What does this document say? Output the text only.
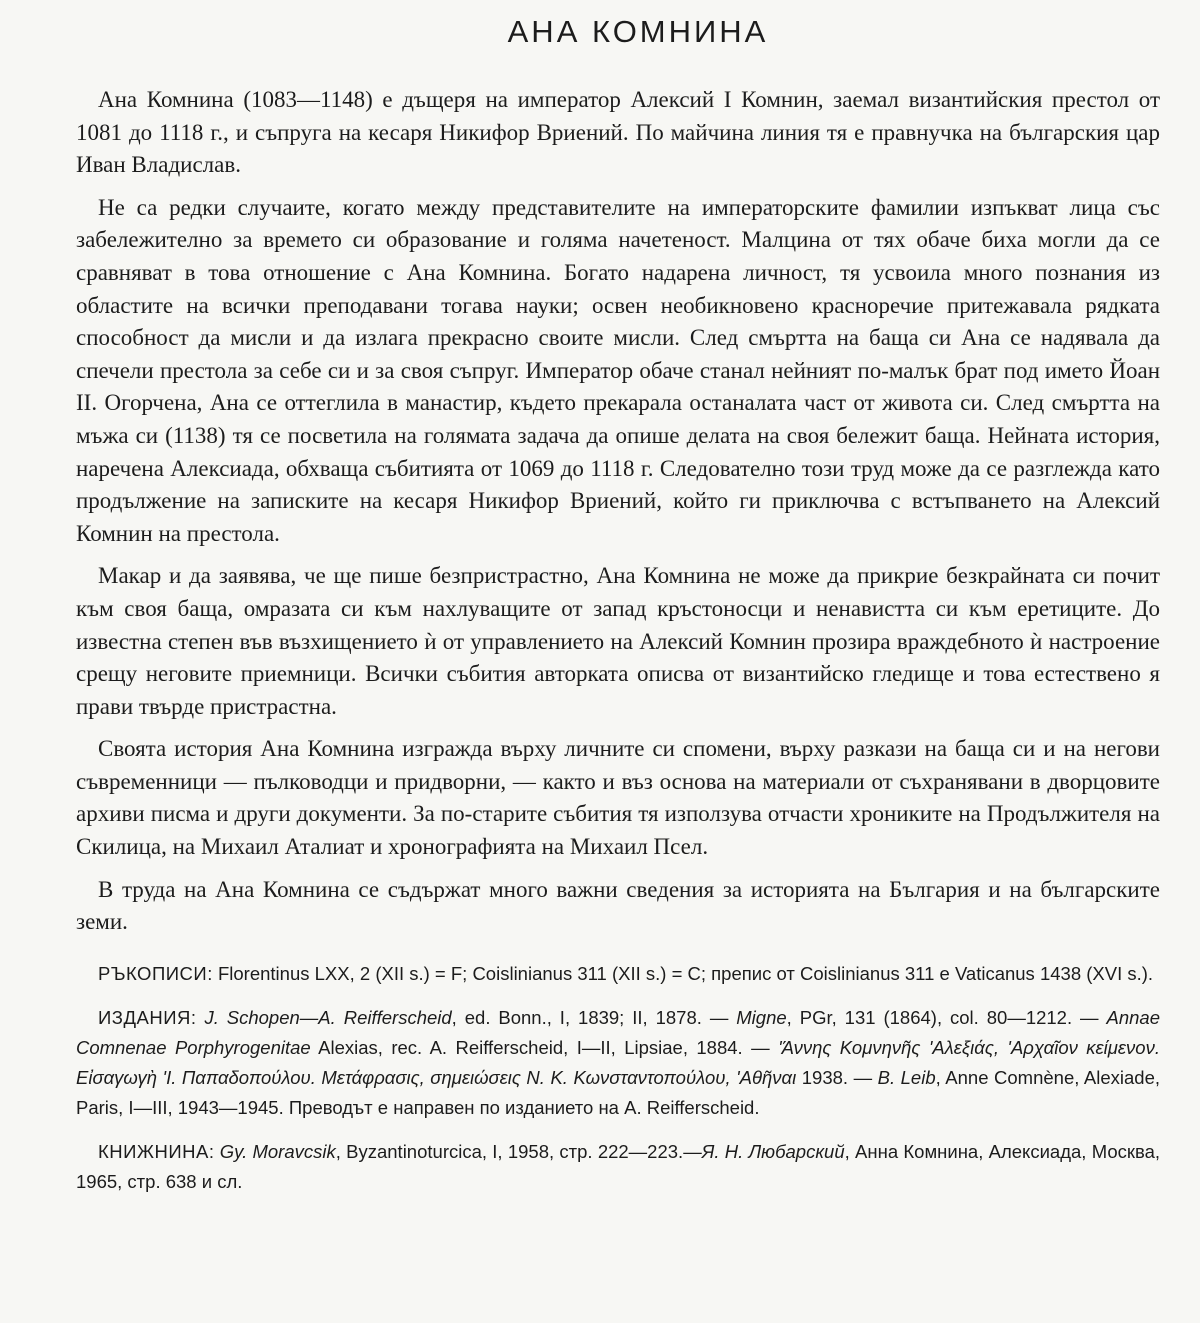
АНА КОМНИНА

Ана Комнина (1083—1148) е дъщеря на император Алексий I Комнин, заемал византийския престол от 1081 до 1118 г., и съпруга на кесаря Никифор Вриений. По майчина линия тя е правнучка на българския цар Иван Владислав.

Не са редки случаите, когато между представителите на императорските фамилии изпъкват лица със забележително за времето си образование и голяма начетеност. Малцина от тях обаче биха могли да се сравняват в това отношение с Ана Комнина. Богато надарена личност, тя усвоила много познания из областите на всички преподавани тогава науки; освен необикновено красноречие притежавала рядката способност да мисли и да излага прекрасно своите мисли. След смъртта на баща си Ана се надявала да спечели престола за себе си и за своя съпруг. Император обаче станал нейният по-малък брат под името Йоан II. Огорчена, Ана се оттеглила в манастир, където прекарала останалата част от живота си. След смъртта на мъжа си (1138) тя се посветила на голямата задача да опише делата на своя бележит баща. Нейната история, наречена Алексиада, обхваща събитията от 1069 до 1118 г. Следователно този труд може да се разглежда като продължение на записките на кесаря Никифор Вриений, който ги приключва с встъпването на Алексий Комнин на престола.

Макар и да заявява, че ще пише безпристрастно, Ана Комнина не може да прикрие безкрайната си почит към своя баща, омразата си към нахлуващите от запад кръстоносци и ненавистта си към еретиците. До известна степен във възхищението ѝ от управлението на Алексий Комнин прозира враждебното ѝ настроение срещу неговите приемници. Всички събития авторката описва от византийско гледище и това естествено я прави твърде пристрастна.

Своята история Ана Комнина изгражда върху личните си спомени, върху разкази на баща си и на негови съвременници — пълководци и придворни, — както и въз основа на материали от съхранявани в дворцовите архиви писма и други документи. За по-старите събития тя използува отчасти хрониките на Продължителя на Скилица, на Михаил Аталиат и хронографията на Михаил Псел.

В труда на Ана Комнина се съдържат много важни сведения за историята на България и на българските земи.

РЪКОПИСИ: Florentinus LXX, 2 (XII s.) = F; Coislinianus 311 (XII s.) = C; препис от Coislinianus 311 е Vaticanus 1438 (XVI s.).

ИЗДАНИЯ: J. Schopen—A. Reifferscheid, ed. Bonn., I, 1839; II, 1878. — Migne, PGr, 131 (1864), col. 80—1212. — Annae Comnenae Porphyrogenitae Alexias, rec. A. Reifferscheid, I—II, Lipsiae, 1884. — 'Άννης Κομνηνῆς 'Αλεξιάς, 'Αρχαῖον κείμενον. Εἰσαγωγὴ 'Ι. Παπαδοπούλου. Μετάφρασις, σημειώσεις Ν. Κ. Κωνσταντοπούλου, 'Αθῆναι 1938. — B. Leib, Anne Comnène, Alexiade, Paris, I—III, 1943—1945. Преводът е направен по изданието на A. Reifferscheid.

КНИЖНИНА: Gy. Moravcsik, Byzantinoturcica, I, 1958, стр. 222—223.—Я. Н. Любарский, Анна Комнина, Алексиада, Москва, 1965, стр. 638 и сл.
